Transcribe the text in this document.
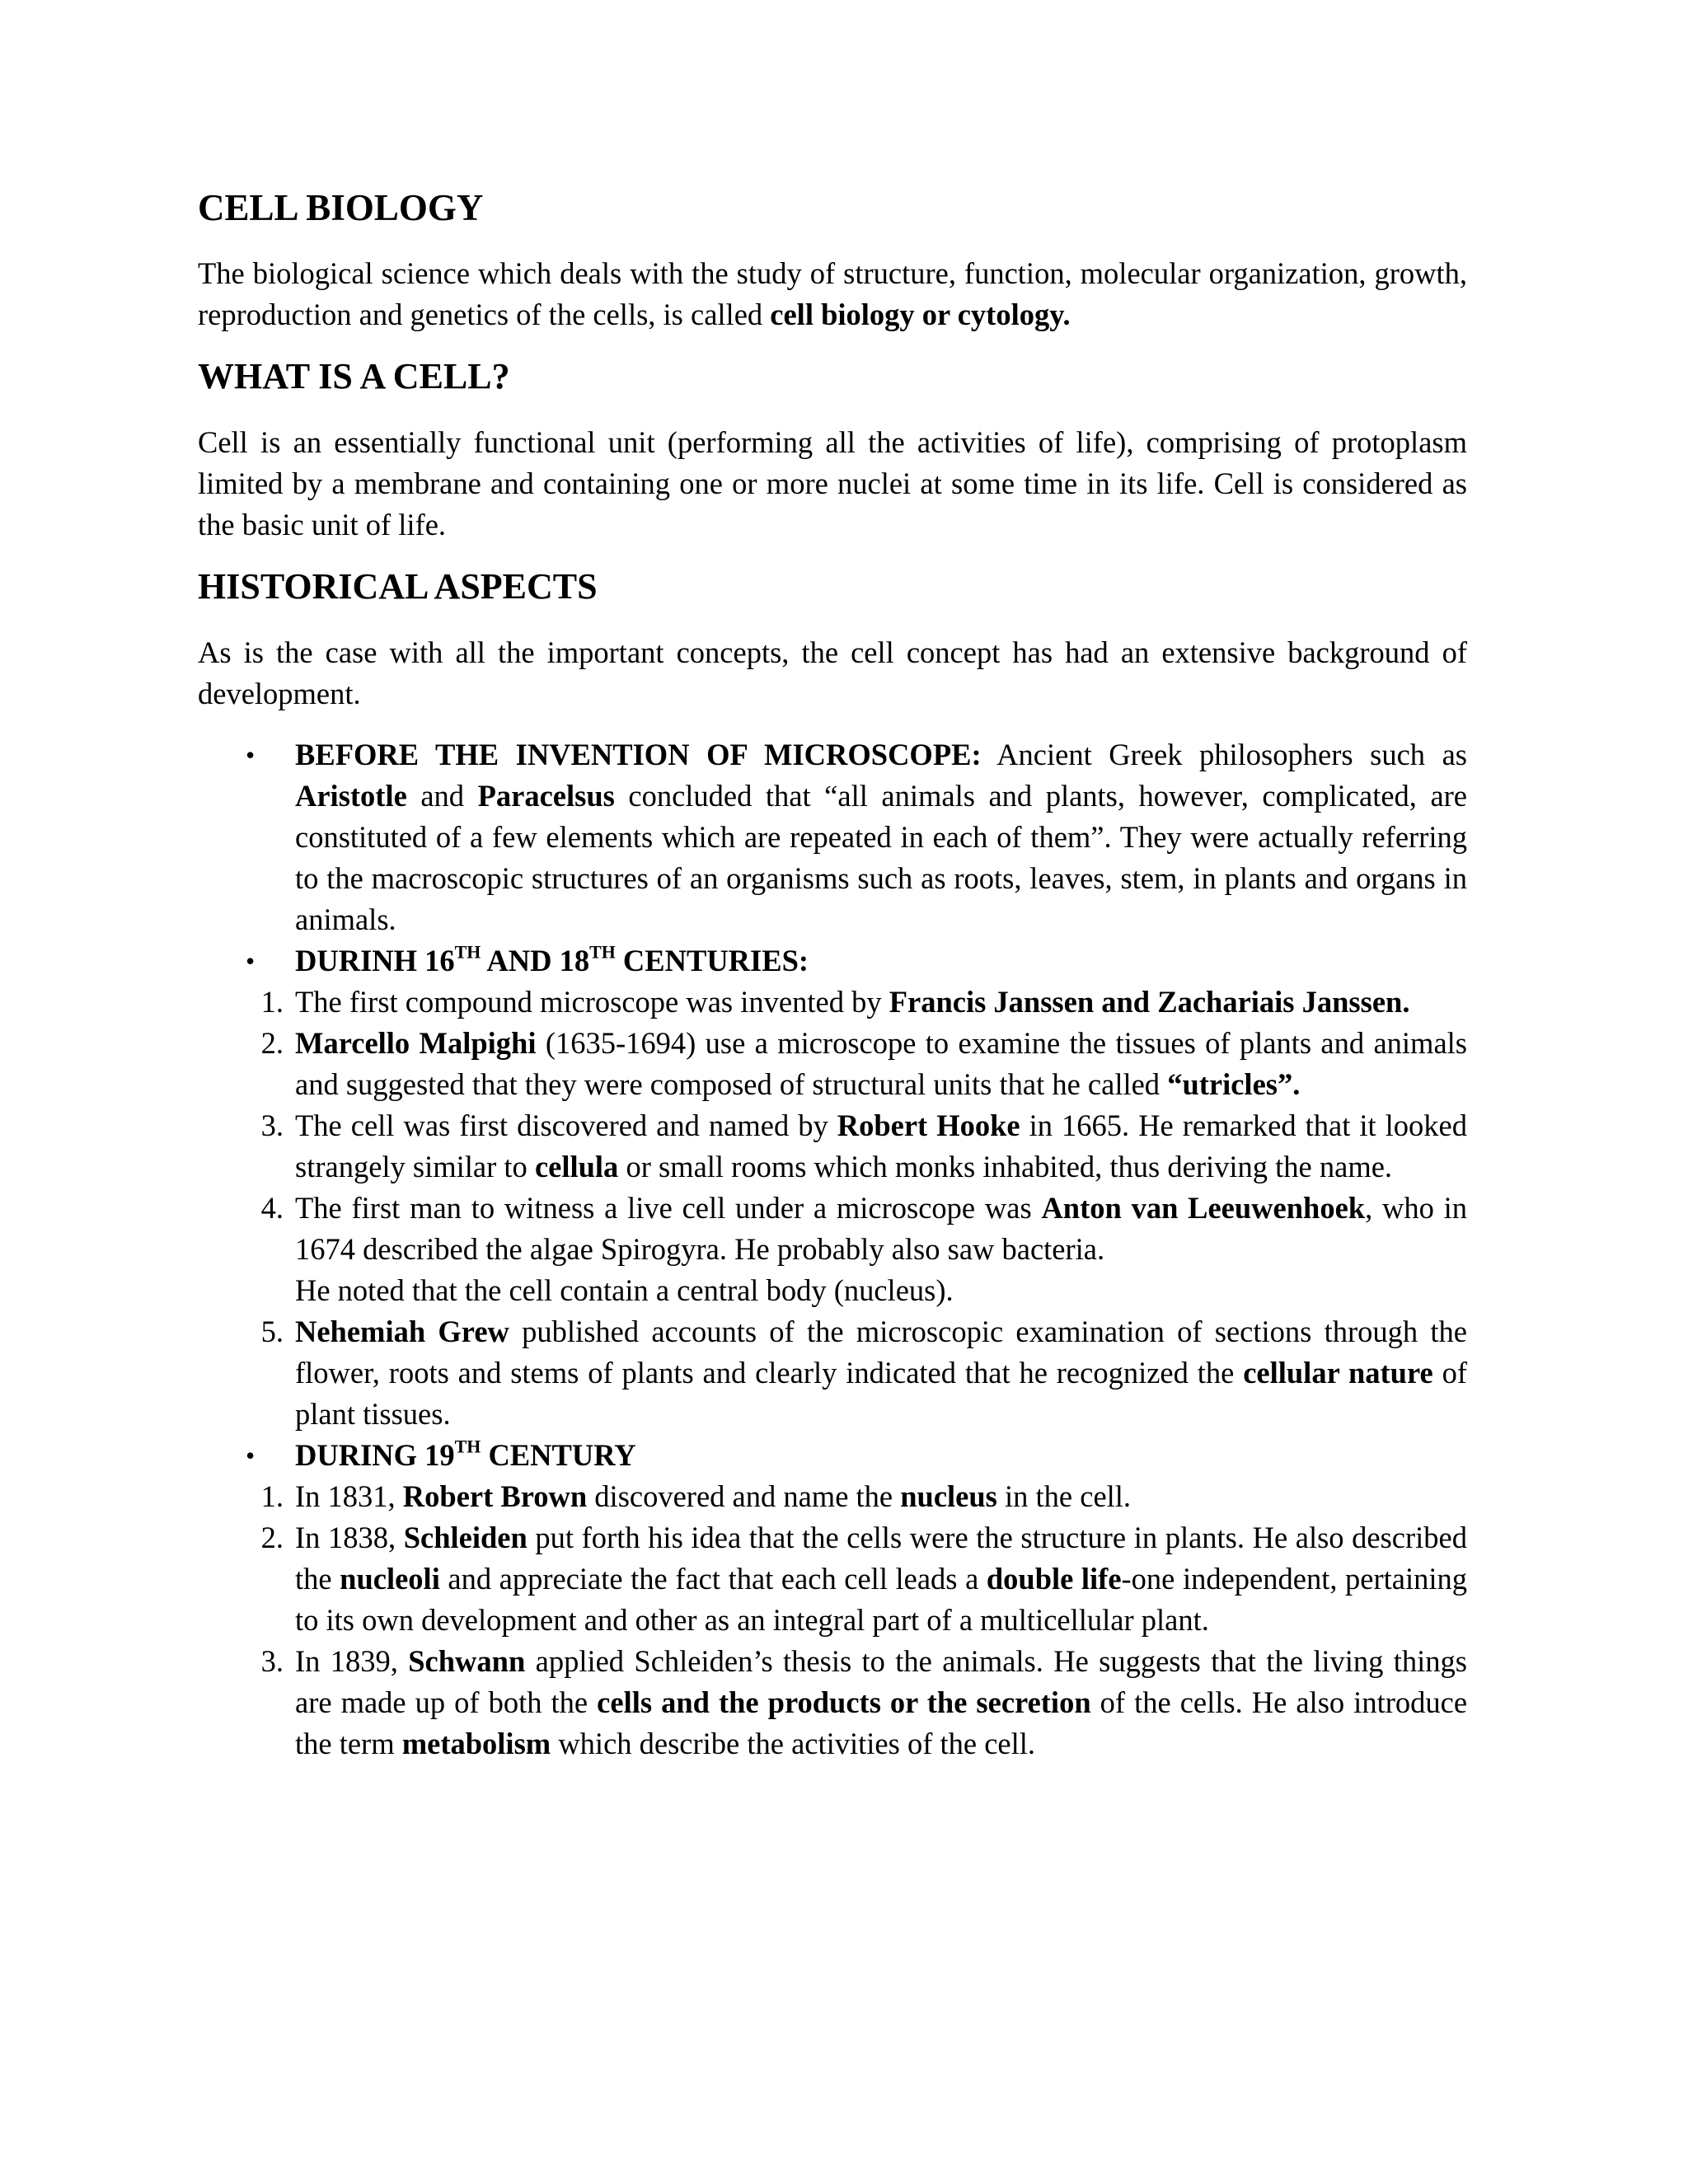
CELL BIOLOGY

The biological science which deals with the study of structure, function, molecular organization, growth, reproduction and genetics of the cells, is called cell biology or cytology.

WHAT IS A CELL?

Cell is an essentially functional unit (performing all the activities of life), comprising of protoplasm limited by a membrane and containing one or more nuclei at some time in its life. Cell is considered as the basic unit of life.

HISTORICAL ASPECTS

As is the case with all the important concepts, the cell concept has had an extensive background of development.

• BEFORE THE INVENTION OF MICROSCOPE: Ancient Greek philosophers such as Aristotle and Paracelsus concluded that “all animals and plants, however, complicated, are constituted of a few elements which are repeated in each of them”. They were actually referring to the macroscopic structures of an organisms such as roots, leaves, stem, in plants and organs in animals.
• DURINH 16TH AND 18TH CENTURIES:
1. The first compound microscope was invented by Francis Janssen and Zachariais Janssen.
2. Marcello Malpighi (1635-1694) use a microscope to examine the tissues of plants and animals and suggested that they were composed of structural units that he called “utricles”.
3. The cell was first discovered and named by Robert Hooke in 1665. He remarked that it looked strangely similar to cellula or small rooms which monks inhabited, thus deriving the name.
4. The first man to witness a live cell under a microscope was Anton van Leeuwenhoek, who in 1674 described the algae Spirogyra. He probably also saw bacteria.
He noted that the cell contain a central body (nucleus).
5. Nehemiah Grew published accounts of the microscopic examination of sections through the flower, roots and stems of plants and clearly indicated that he recognized the cellular nature of plant tissues.
• DURING 19TH CENTURY
1. In 1831, Robert Brown discovered and name the nucleus in the cell.
2. In 1838, Schleiden put forth his idea that the cells were the structure in plants. He also described the nucleoli and appreciate the fact that each cell leads a double life-one independent, pertaining to its own development and other as an integral part of a multicellular plant.
3. In 1839, Schwann applied Schleiden’s thesis to the animals. He suggests that the living things are made up of both the cells and the products or the secretion of the cells. He also introduce the term metabolism which describe the activities of the cell.
